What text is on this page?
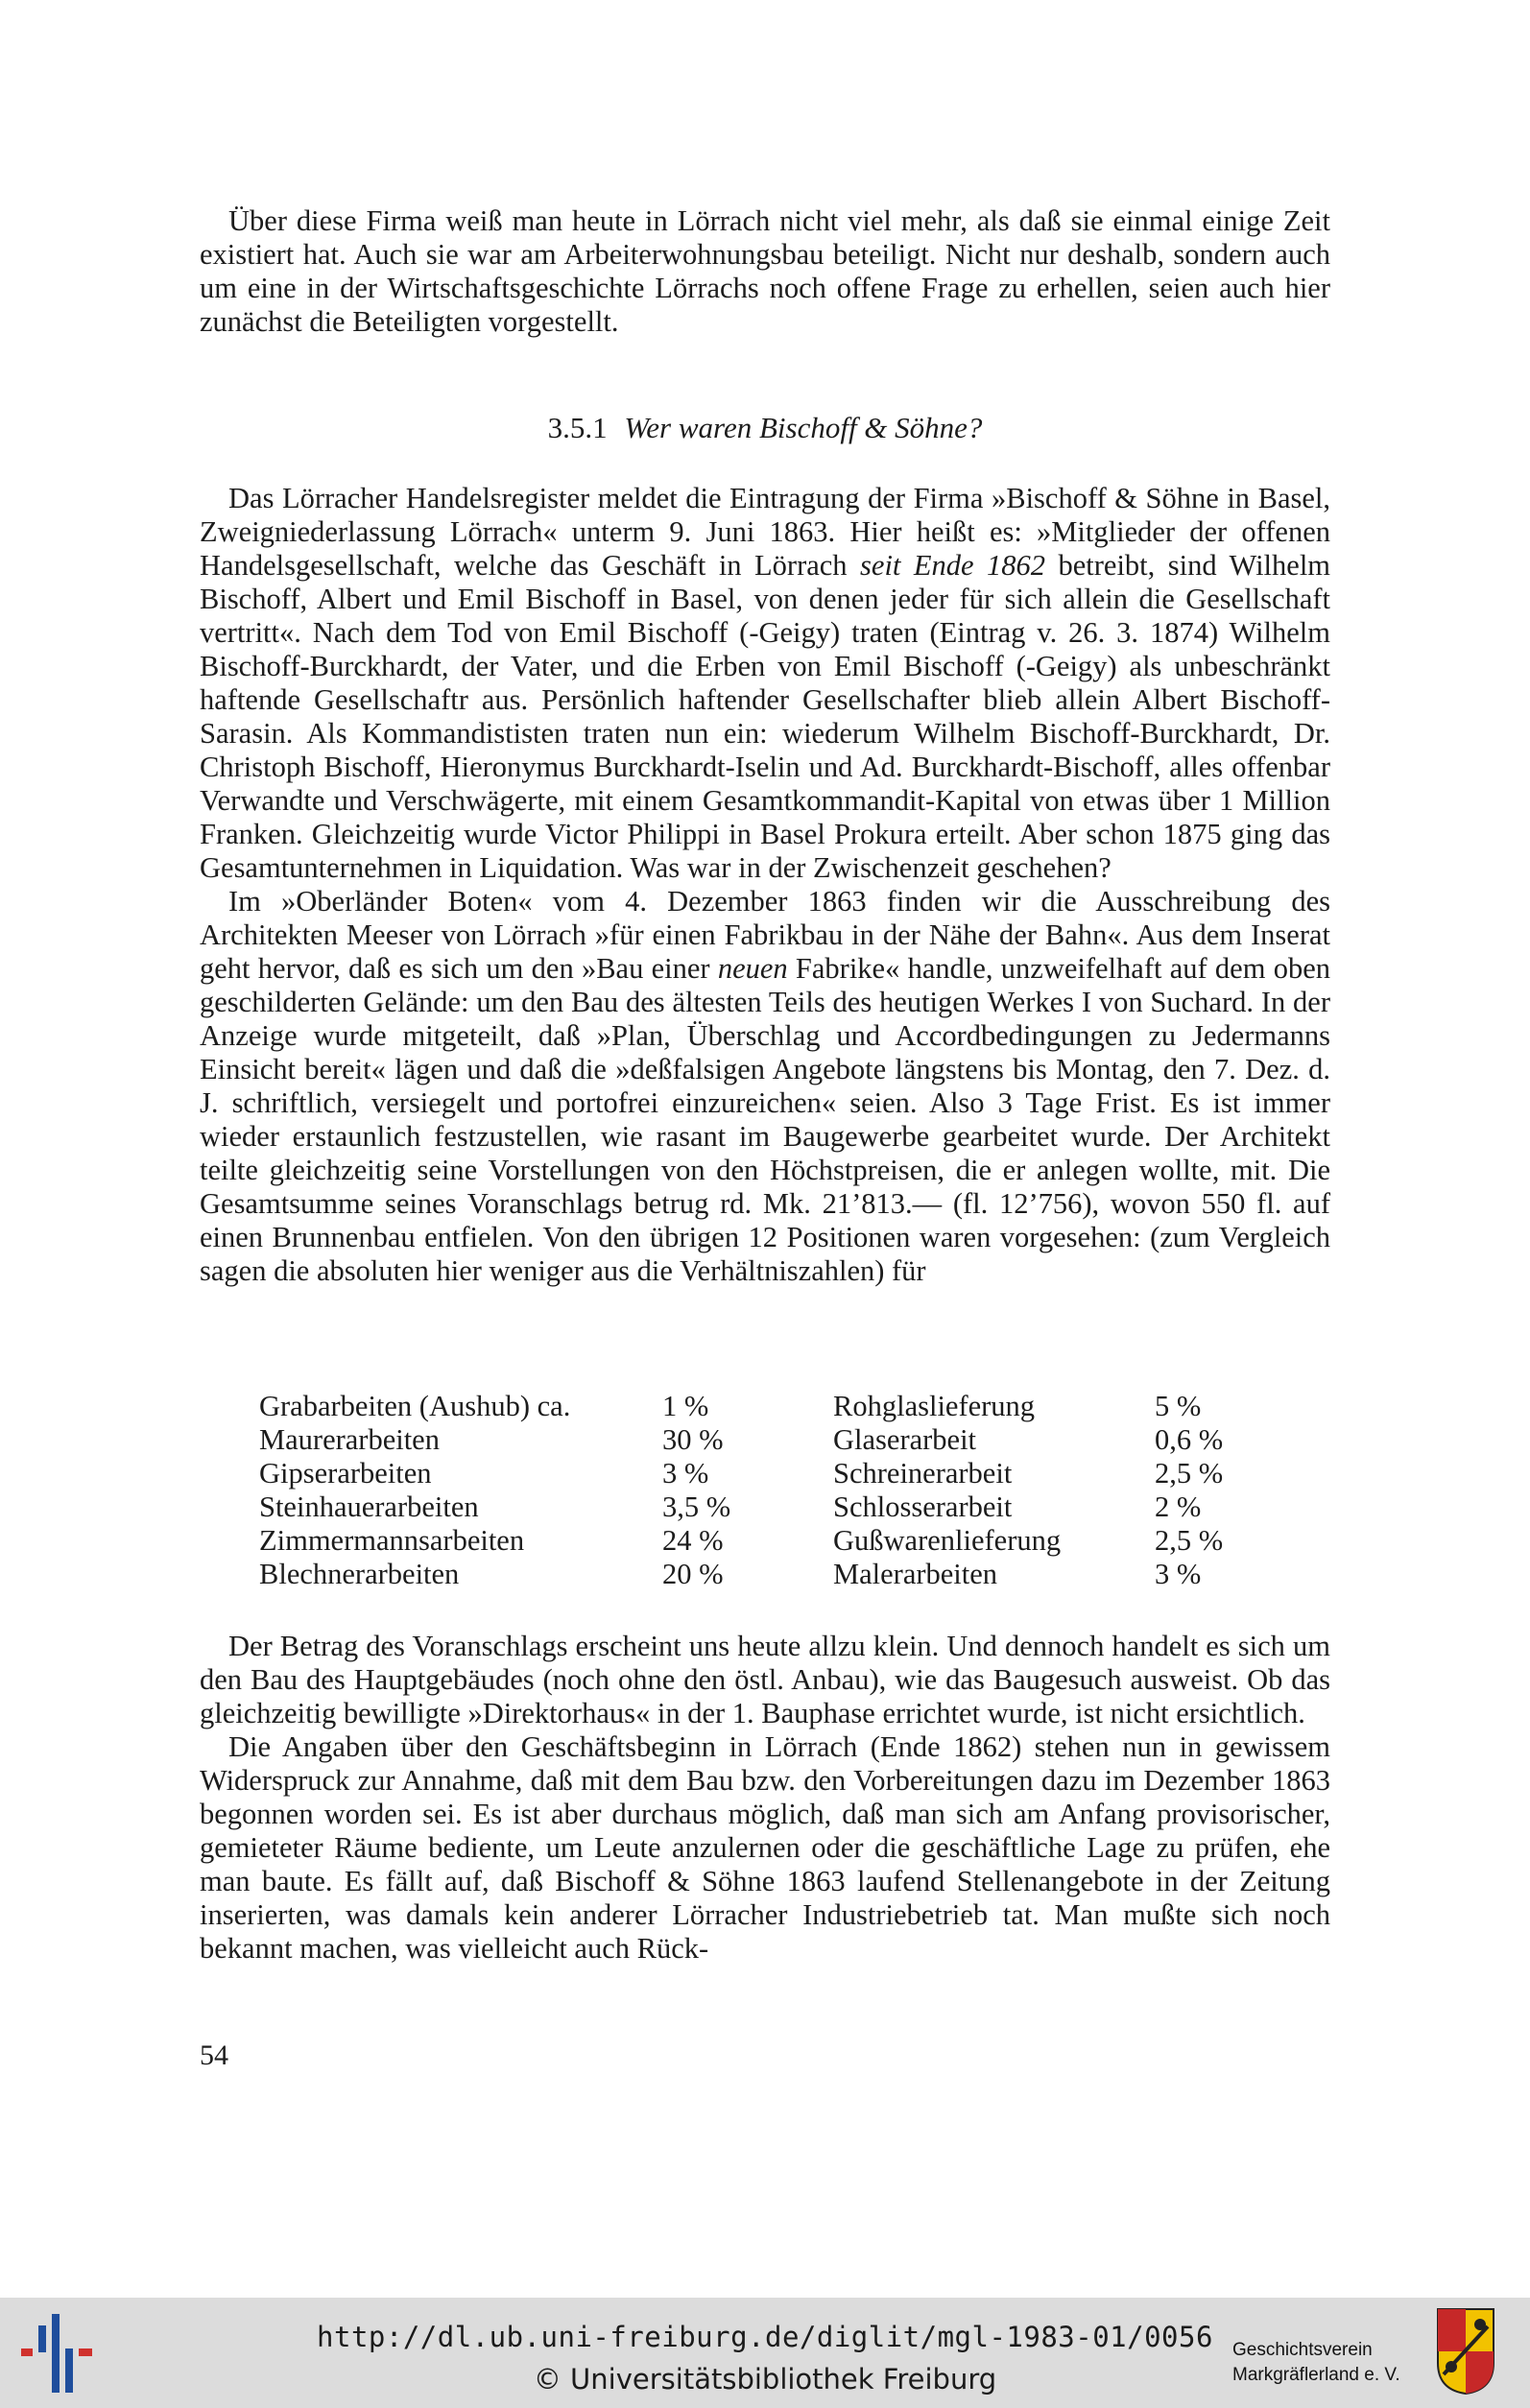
Über diese Firma weiß man heute in Lörrach nicht viel mehr, als daß sie einmal einige Zeit existiert hat. Auch sie war am Arbeiterwohnungsbau beteiligt. Nicht nur deshalb, sondern auch um eine in der Wirtschaftsgeschichte Lörrachs noch offene Frage zu erhellen, seien auch hier zunächst die Beteiligten vorgestellt.

3.5.1 Wer waren Bischoff & Söhne?

Das Lörracher Handelsregister meldet die Eintragung der Firma »Bischoff & Söhne in Basel, Zweigniederlassung Lörrach« unterm 9. Juni 1863. Hier heißt es: »Mitglieder der offenen Handelsgesellschaft, welche das Geschäft in Lörrach seit Ende 1862 betreibt, sind Wilhelm Bischoff, Albert und Emil Bischoff in Basel, von denen jeder für sich allein die Gesellschaft vertritt«. Nach dem Tod von Emil Bischoff (-Geigy) traten (Eintrag v. 26. 3. 1874) Wilhelm Bischoff-Burckhardt, der Vater, und die Erben von Emil Bischoff (-Geigy) als unbeschränkt haftende Gesellschaftr aus. Persönlich haftender Gesellschafter blieb allein Albert Bischoff-Sarasin. Als Kommandististen traten nun ein: wiederum Wilhelm Bischoff-Burckhardt, Dr. Christoph Bischoff, Hieronymus Burckhardt-Iselin und Ad. Burckhardt-Bischoff, alles offenbar Verwandte und Verschwägerte, mit einem Gesamtkommandit-Kapital von etwas über 1 Million Franken. Gleichzeitig wurde Victor Philippi in Basel Prokura erteilt. Aber schon 1875 ging das Gesamtunternehmen in Liquidation. Was war in der Zwischenzeit geschehen?

Im »Oberländer Boten« vom 4. Dezember 1863 finden wir die Ausschreibung des Architekten Meeser von Lörrach »für einen Fabrikbau in der Nähe der Bahn«. Aus dem Inserat geht hervor, daß es sich um den »Bau einer neuen Fabrike« handle, unzweifelhaft auf dem oben geschilderten Gelände: um den Bau des ältesten Teils des heutigen Werkes I von Suchard. In der Anzeige wurde mitgeteilt, daß »Plan, Überschlag und Accordbedingungen zu Jedermanns Einsicht bereit« lägen und daß die »deßfalsigen Angebote längstens bis Montag, den 7. Dez. d. J. schriftlich, versiegelt und portofrei einzureichen« seien. Also 3 Tage Frist. Es ist immer wieder erstaunlich festzustellen, wie rasant im Baugewerbe gearbeitet wurde. Der Architekt teilte gleichzeitig seine Vorstellungen von den Höchstpreisen, die er anlegen wollte, mit. Die Gesamtsumme seines Voranschlags betrug rd. Mk. 21’813.— (fl. 12’756), wovon 550 fl. auf einen Brunnenbau entfielen. Von den übrigen 12 Positionen waren vorgesehen: (zum Vergleich sagen die absoluten hier weniger aus die Verhältniszahlen) für

Grabarbeiten (Aushub) ca.	1 %	Rohglaslieferung	5 %
Maurerarbeiten	30 %	Glaserarbeit	0,6 %
Gipserarbeiten	3 %	Schreinerarbeit	2,5 %
Steinhauerarbeiten	3,5 %	Schlosserarbeit	2 %
Zimmermannsarbeiten	24 %	Gußwarenlieferung	2,5 %
Blechnerarbeiten	20 %	Malerarbeiten	3 %

Der Betrag des Voranschlags erscheint uns heute allzu klein. Und dennoch handelt es sich um den Bau des Hauptgebäudes (noch ohne den östl. Anbau), wie das Baugesuch ausweist. Ob das gleichzeitig bewilligte »Direktorhaus« in der 1. Bauphase errichtet wurde, ist nicht ersichtlich.

Die Angaben über den Geschäftsbeginn in Lörrach (Ende 1862) stehen nun in gewissem Widerspruck zur Annahme, daß mit dem Bau bzw. den Vorbereitungen dazu im Dezember 1863 begonnen worden sei. Es ist aber durchaus möglich, daß man sich am Anfang provisorischer, gemieteter Räume bediente, um Leute anzulernen oder die geschäftliche Lage zu prüfen, ehe man baute. Es fällt auf, daß Bischoff & Söhne 1863 laufend Stellenangebote in der Zeitung inserierten, was damals kein anderer Lörracher Industriebetrieb tat. Man mußte sich noch bekannt machen, was vielleicht auch Rück-

54
http://dl.ub.uni-freiburg.de/diglit/mgl-1983-01/0056
© Universitätsbibliothek Freiburg
Geschichtsverein
Markgräflerland e. V.
